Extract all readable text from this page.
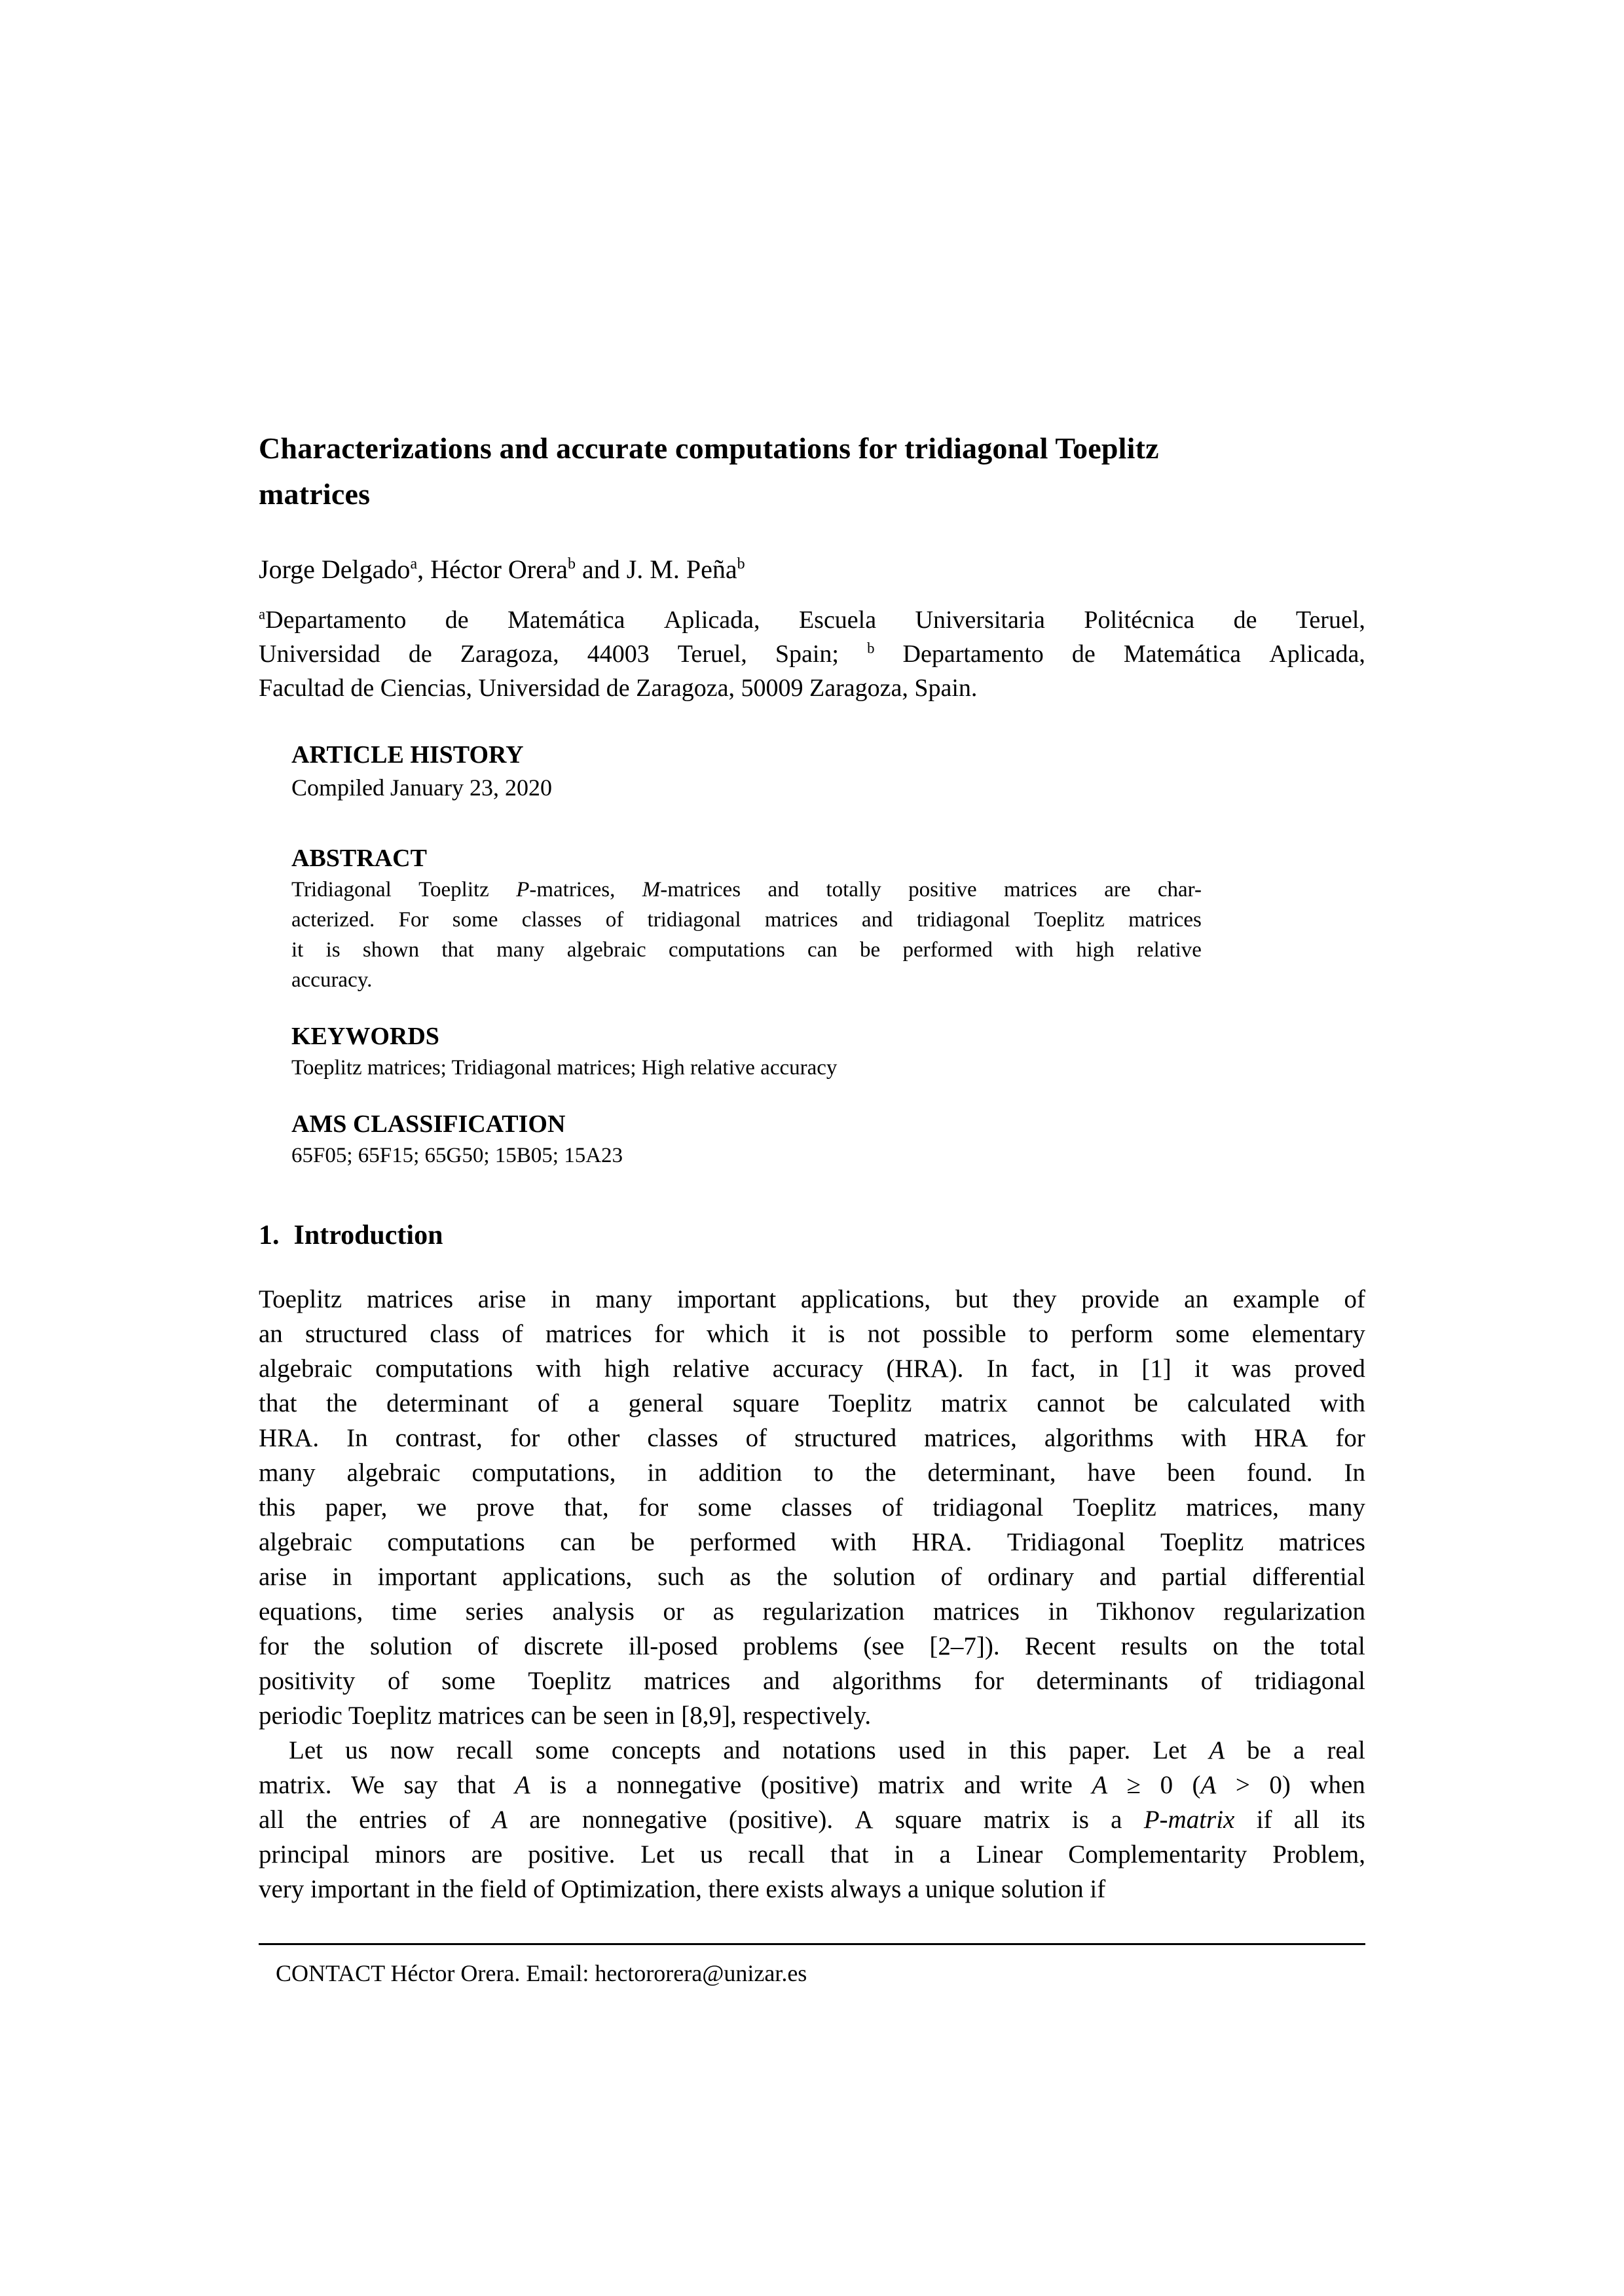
Characterizations and accurate computations for tridiagonal Toeplitz
matrices
Jorge Delgado$^a$, Héctor Orera$^b$ and J. M. Peña$^b$
$^a$Departamento de Matemática Aplicada, Escuela Universitaria Politécnica de Teruel,
Universidad de Zaragoza, 44003 Teruel, Spain; $^b$ Departamento de Matemática Aplicada,
Facultad de Ciencias, Universidad de Zaragoza, 50009 Zaragoza, Spain.
ARTICLE HISTORY
Compiled January 23, 2020
ABSTRACT
Tridiagonal Toeplitz P-matrices, M-matrices and totally positive matrices are char-
acterized. For some classes of tridiagonal matrices and tridiagonal Toeplitz matrices
it is shown that many algebraic computations can be performed with high relative
accuracy.
KEYWORDS
Toeplitz matrices; Tridiagonal matrices; High relative accuracy
AMS CLASSIFICATION
65F05; 65F15; 65G50; 15B05; 15A23
1. Introduction
Toeplitz matrices arise in many important applications, but they provide an example of
an structured class of matrices for which it is not possible to perform some elementary
algebraic computations with high relative accuracy (HRA). In fact, in [1] it was proved
that the determinant of a general square Toeplitz matrix cannot be calculated with
HRA. In contrast, for other classes of structured matrices, algorithms with HRA for
many algebraic computations, in addition to the determinant, have been found. In
this paper, we prove that, for some classes of tridiagonal Toeplitz matrices, many
algebraic computations can be performed with HRA. Tridiagonal Toeplitz matrices
arise in important applications, such as the solution of ordinary and partial differential
equations, time series analysis or as regularization matrices in Tikhonov regularization
for the solution of discrete ill-posed problems (see [2–7]). Recent results on the total
positivity of some Toeplitz matrices and algorithms for determinants of tridiagonal
periodic Toeplitz matrices can be seen in [8,9], respectively.
Let us now recall some concepts and notations used in this paper. Let A be a real
matrix. We say that A is a nonnegative (positive) matrix and write A ≥ 0 (A > 0) when
all the entries of A are nonnegative (positive). A square matrix is a P-matrix if all its
principal minors are positive. Let us recall that in a Linear Complementarity Problem,
very important in the field of Optimization, there exists always a unique solution if
CONTACT Héctor Orera. Email: hectororera@unizar.es
